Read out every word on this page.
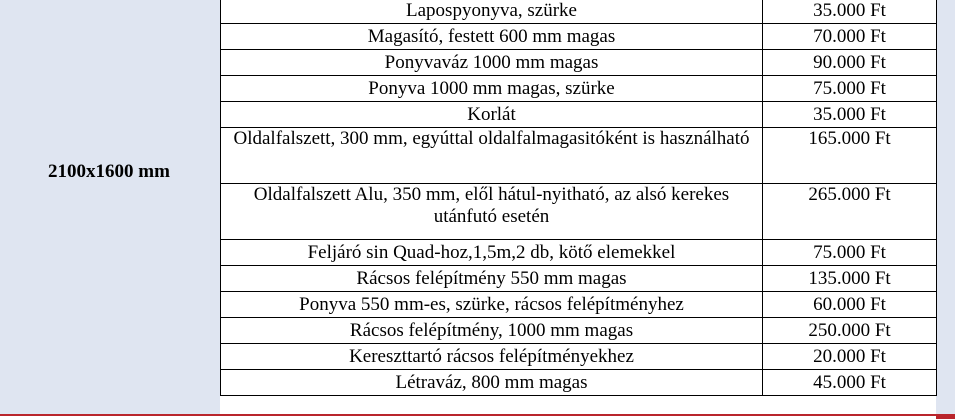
2100x1600 mm
Lapospyonyva, szürke	35.000 Ft
Magasító, festett 600 mm magas	70.000 Ft
Ponyvaváz 1000 mm magas	90.000 Ft
Ponyva 1000 mm magas, szürke	75.000 Ft
Korlát	35.000 Ft
Oldalfalszett, 300 mm, egyúttal oldalfalmagasitóként is használható	165.000 Ft
Oldalfalszett Alu, 350 mm, elől hátul-nyitható, az alsó kerekes utánfutó esetén	265.000 Ft
Feljáró sin Quad-hoz,1,5m,2 db, kötő elemekkel	75.000 Ft
Rácsos felépítmény 550 mm magas	135.000 Ft
Ponyva 550 mm-es, szürke, rácsos felépítményhez	60.000 Ft
Rácsos felépítmény, 1000 mm magas	250.000 Ft
Kereszttartó rácsos felépítményekhez	20.000 Ft
Létraváz, 800 mm magas	45.000 Ft
